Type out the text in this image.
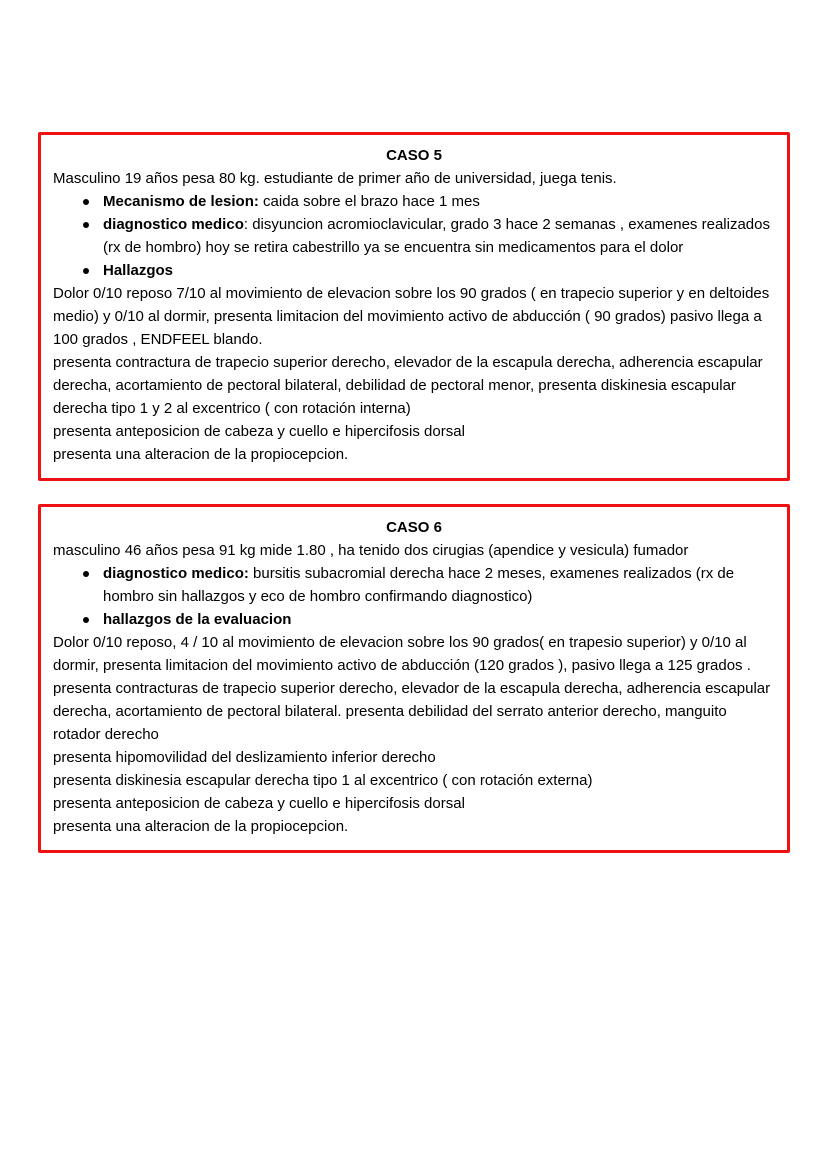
CASO 5

Masculino 19 años pesa 80 kg. estudiante de primer año de universidad, juega tenis.

Mecanismo de lesion: caida sobre el brazo hace 1 mes
diagnostico medico: disyuncion acromioclavicular, grado 3 hace 2 semanas , examenes realizados (rx de hombro) hoy se retira cabestrillo ya se encuentra sin medicamentos para el dolor
Hallazgos

Dolor 0/10 reposo 7/10 al movimiento de elevacion sobre los 90 grados ( en trapecio superior y en deltoides medio) y 0/10 al dormir, presenta limitacion del movimiento activo de abducción ( 90 grados) pasivo llega a 100 grados , ENDFEEL blando.

presenta contractura de trapecio superior derecho, elevador de la escapula derecha, adherencia escapular derecha, acortamiento de pectoral bilateral, debilidad de pectoral menor, presenta diskinesia escapular derecha tipo 1 y 2 al excentrico ( con rotación interna)

presenta anteposicion de cabeza y cuello e hipercifosis dorsal

presenta una alteracion de la propiocepcion.

CASO 6

masculino 46 años pesa 91 kg mide 1.80 , ha tenido dos cirugias (apendice y vesicula) fumador

diagnostico medico: bursitis subacromial derecha hace 2 meses, examenes realizados (rx de hombro sin hallazgos y eco de hombro confirmando diagnostico)
hallazgos de la evaluacion

Dolor 0/10 reposo, 4 / 10 al movimiento de elevacion sobre los 90 grados( en trapesio superior) y 0/10 al dormir, presenta limitacion del movimiento activo de abducción (120 grados ), pasivo llega a 125 grados .

presenta contracturas de trapecio superior derecho, elevador de la escapula derecha, adherencia escapular derecha, acortamiento de pectoral bilateral. presenta debilidad del serrato anterior derecho, manguito rotador derecho

presenta hipomovilidad del deslizamiento inferior derecho

presenta diskinesia escapular derecha tipo 1 al excentrico ( con rotación externa)

presenta anteposicion de cabeza y cuello e hipercifosis dorsal

presenta una alteracion de la propiocepcion.
